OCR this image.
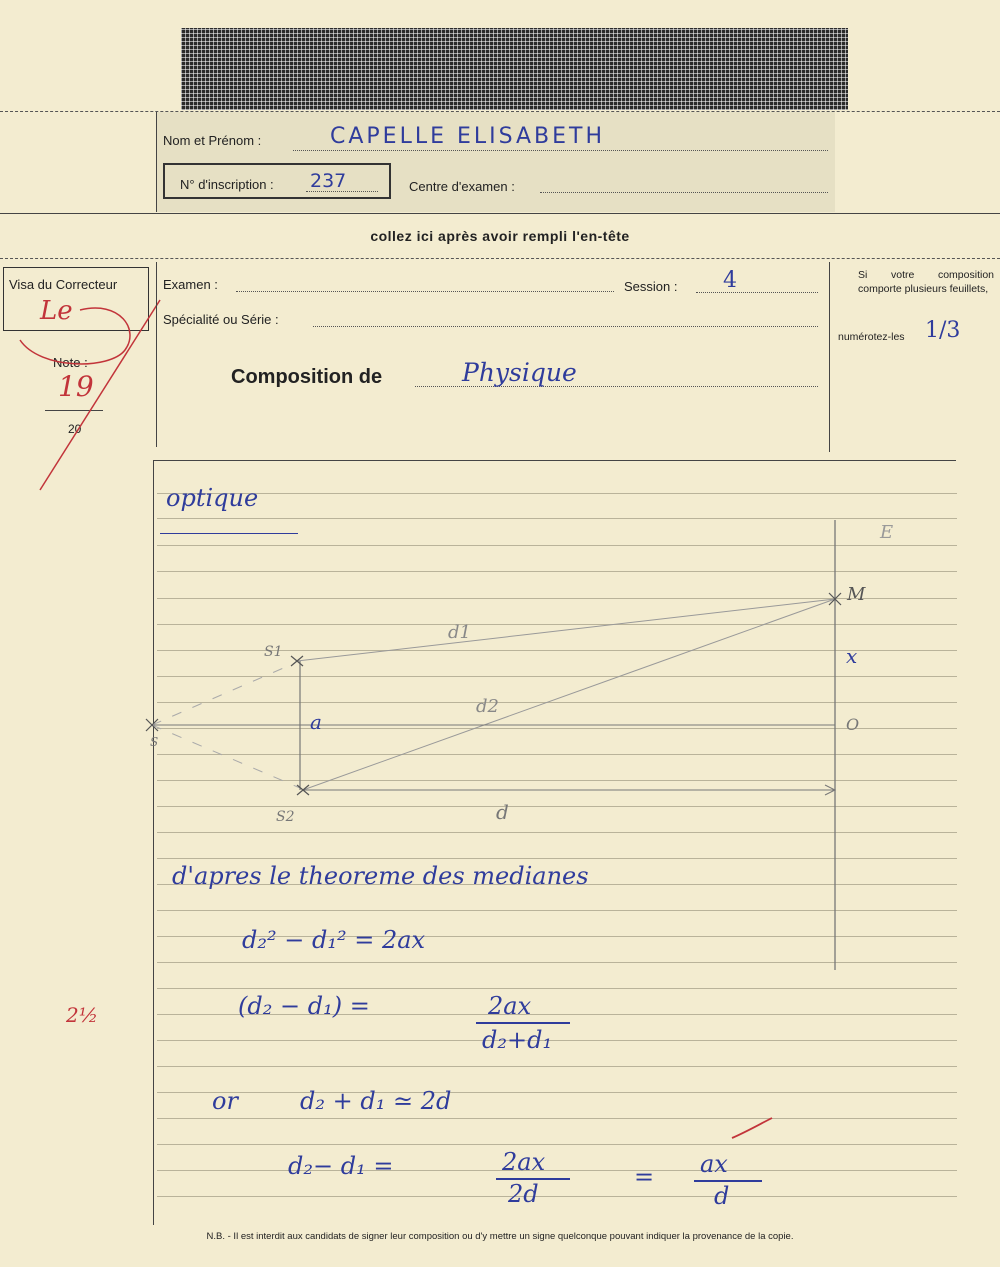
Nom et Prénom :	CAPELLE ELISABETH
N° d'inscription : 237	Centre d'examen :
collez ici après avoir rempli l'en-tête
Visa du Correcteur
Le
Note :
19
20
2½
Examen :	Session : 4
Spécialité ou Série :
Composition de	Physique
Si votre composition comporte plusieurs feuillets,
numérotez-les 1/3
optique
E
M
x
O
S1
S2
S
d1
d2
a
d
d'apres le theoreme des medianes
d₂² − d₁² = 2ax
(d₂ − d₁) =	2ax
d₂+d₁
or	d₂ + d₁ ≃ 2d
d₂− d₁ =	2ax
2d
= ax
d
N.B. - Il est interdit aux candidats de signer leur composition ou d'y mettre un signe quelconque pouvant indiquer la provenance de la copie.
